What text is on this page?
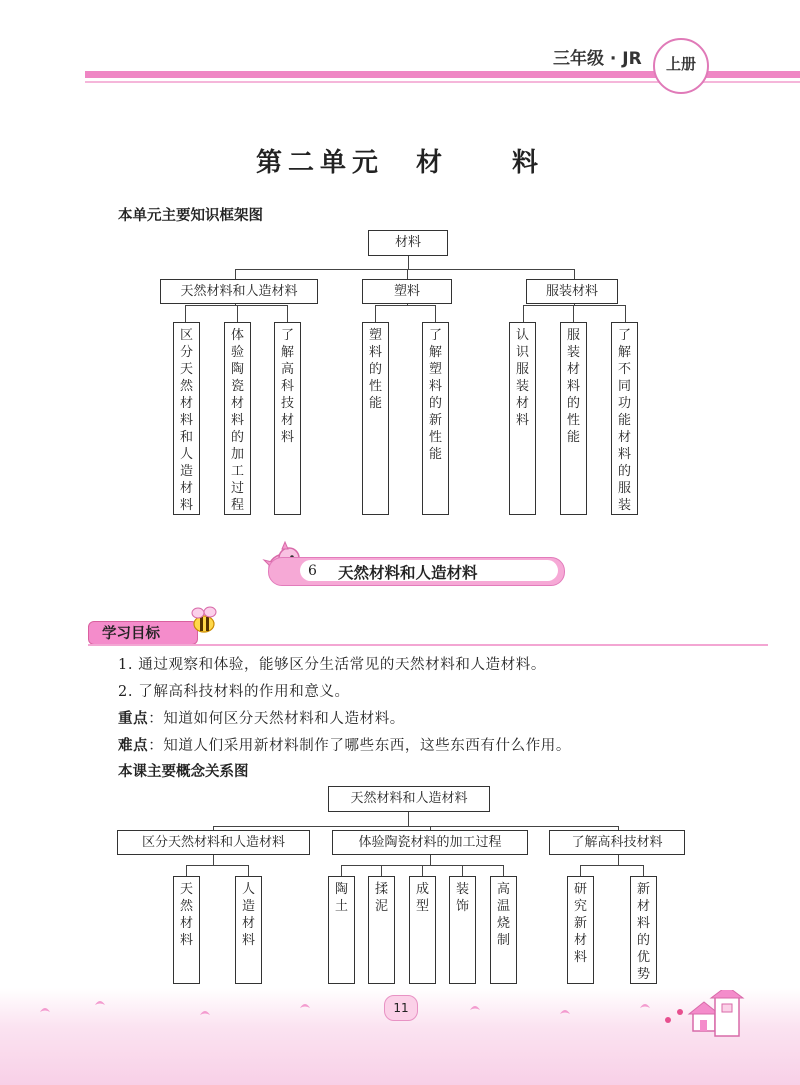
三年级 · JR	上册
第二单元　材　　料
本单元主要知识框架图
材料
天然材料和人造材料	塑料	服装材料
区
分
天
然
材
料
和
人
造
材
料
体
验
陶
瓷
材
料
的
加
工
过
程
了
解
高
科
技
材
料
塑
料
的
性
能
了
解
塑
料
的
新
性
能
认
识
服
装
材
料
服
装
材
料
的
性
能
了
解
不
同
功
能
材
料
的
服
装
6 天然材料和人造材料
学习目标
1. 通过观察和体验，能够区分生活常见的天然材料和人造材料。
2. 了解高科技材料的作用和意义。
重点：知道如何区分天然材料和人造材料。
难点：知道人们采用新材料制作了哪些东西，这些东西有什么作用。
本课主要概念关系图
天然材料和人造材料
区分天然材料和人造材料	体验陶瓷材料的加工过程	了解高科技材料
天
然
材
料
人
造
材
料
陶
土
揉
泥
成
型
装
饰
高
温
烧
制
研
究
新
材
料
新
材
料
的
优
势
11
